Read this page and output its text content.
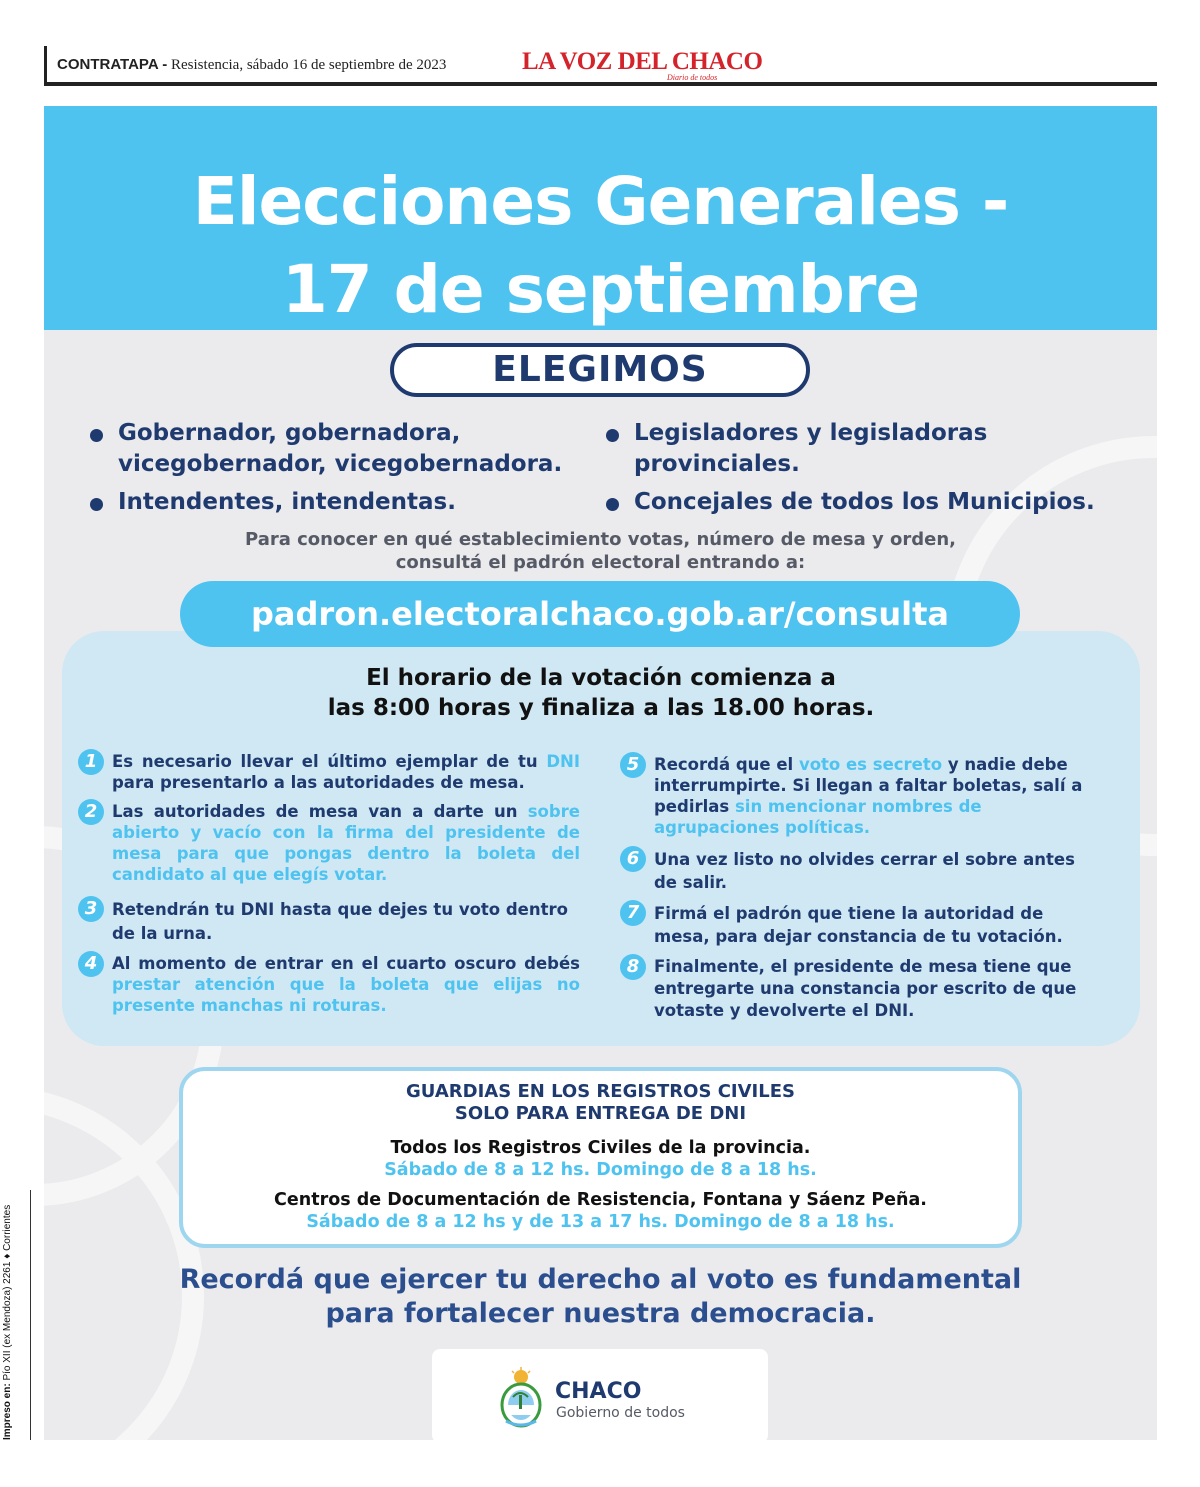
CONTRATAPA - Resistencia, sábado 16 de septiembre de 2023	LA VOZ DEL CHACO
Diario de todos
Impreso en: Pío XII (ex Mendoza) 2261 ♦ Corrientes
Elecciones Generales -
17 de septiembre
ELEGIMOS
Gobernador, gobernadora,
vicegobernador, vicegobernadora.
Legisladores y legisladoras
provinciales.
Intendentes, intendentas.	Concejales de todos los Municipios.
Para conocer en qué establecimiento votas, número de mesa y orden,
consultá el padrón electoral entrando a:
El horario de la votación comienza a
las 8:00 horas y finaliza a las 18.00 horas.
1 Es necesario llevar el último ejemplar de tu DNI para presentarlo a las autoridades de mesa.
2 Las autoridades de mesa van a darte un sobre abierto y vacío con la firma del presidente de mesa para que pongas dentro la boleta del candidato al que elegís votar.
3 Retendrán tu DNI hasta que dejes tu voto dentro de la urna.
4 Al momento de entrar en el cuarto oscuro debés prestar atención que la boleta que elijas no presente manchas ni roturas.
5 Recordá que el voto es secreto y nadie debe interrumpirte. Si llegan a faltar boletas, salí a pedirlas sin mencionar nombres de agrupaciones políticas.
6 Una vez listo no olvides cerrar el sobre antes de salir.
7 Firmá el padrón que tiene la autoridad de mesa, para dejar constancia de tu votación.
8 Finalmente, el presidente de mesa tiene que entregarte una constancia por escrito de que votaste y devolverte el DNI.
padron.electoralchaco.gob.ar/consulta
GUARDIAS EN LOS REGISTROS CIVILES
SOLO PARA ENTREGA DE DNI
Todos los Registros Civiles de la provincia.
Sábado de 8 a 12 hs. Domingo de 8 a 18 hs.
Centros de Documentación de Resistencia, Fontana y Sáenz Peña.
Sábado de 8 a 12 hs y de 13 a 17 hs. Domingo de 8 a 18 hs.
Recordá que ejercer tu derecho al voto es fundamental
para fortalecer nuestra democracia.
CHACO
Gobierno de todos
